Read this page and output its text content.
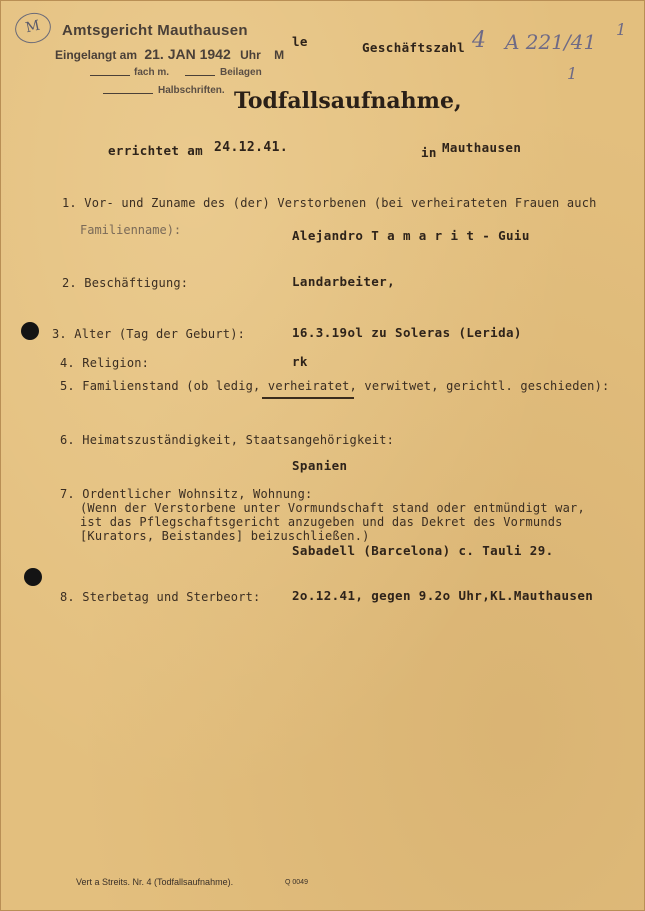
M	Amtsgericht Mauthausen
Eingelangt am 21. JAN 1942 Uhr M
fach m.	Beilagen
Halbschriften.
le	Geschäftszahl 4 A 221/41
1
1
Todfallsaufnahme,
errichtet am 24.12.41.	in Mauthausen
1. Vor- und Zuname des (der) Verstorbenen (bei verheirateten Frauen auch
Familienname):	Alejandro T a m a r i t - Guiu
2. Beschäftigung:	Landarbeiter,
3. Alter (Tag der Geburt):	16.3.19ol zu Soleras (Lerida)
4. Religion:	rk
5. Familienstand (ob ledig, verheiratet, verwitwet, gerichtl. geschieden):
6. Heimatszuständigkeit, Staatsangehörigkeit:
Spanien
7. Ordentlicher Wohnsitz, Wohnung:
(Wenn der Verstorbene unter Vormundschaft stand oder entmündigt war,
ist das Pflegschaftsgericht anzugeben und das Dekret des Vormunds
[Kurators, Beistandes] beizuschließen.)
Sabadell (Barcelona) c. Tauli 29.
8. Sterbetag und Sterbeort:	2o.12.41, gegen 9.2o Uhr,KL.Mauthausen
Vert a Streits. Nr. 4 (Todfallsaufnahme).	Q 0049
